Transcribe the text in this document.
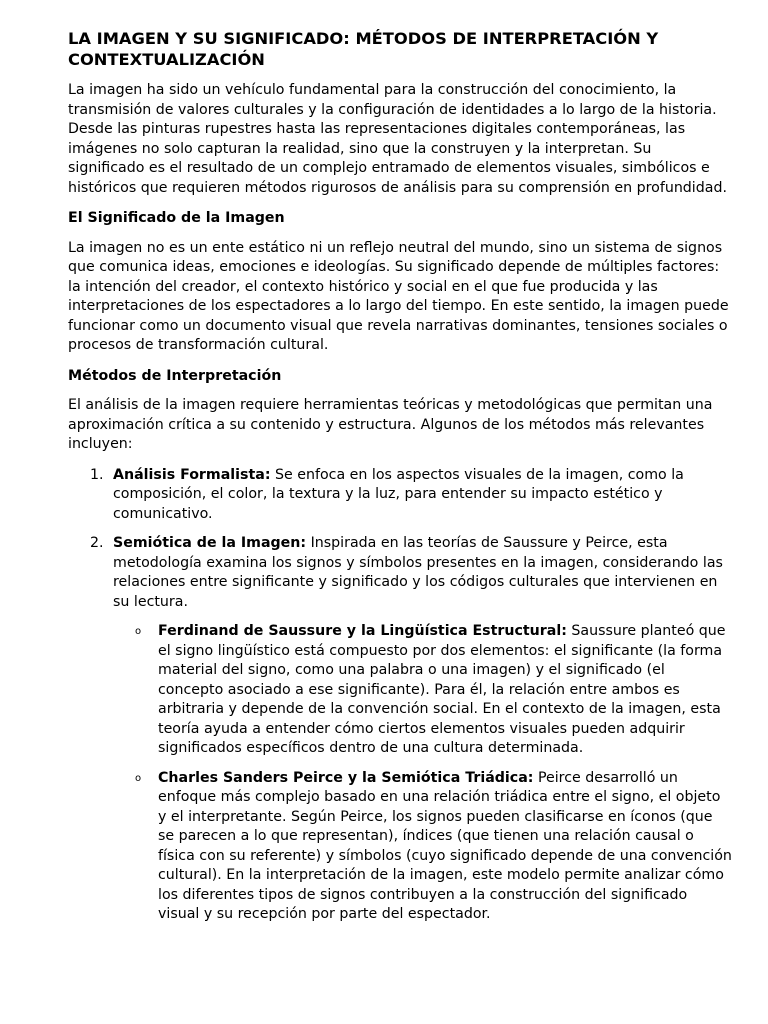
LA IMAGEN Y SU SIGNIFICADO: MÉTODOS DE INTERPRETACIÓN Y CONTEXTUALIZACIÓN

La imagen ha sido un vehículo fundamental para la construcción del conocimiento, la transmisión de valores culturales y la configuración de identidades a lo largo de la historia. Desde las pinturas rupestres hasta las representaciones digitales contemporáneas, las imágenes no solo capturan la realidad, sino que la construyen y la interpretan. Su significado es el resultado de un complejo entramado de elementos visuales, simbólicos e históricos que requieren métodos rigurosos de análisis para su comprensión en profundidad.

El Significado de la Imagen

La imagen no es un ente estático ni un reflejo neutral del mundo, sino un sistema de signos que comunica ideas, emociones e ideologías. Su significado depende de múltiples factores: la intención del creador, el contexto histórico y social en el que fue producida y las interpretaciones de los espectadores a lo largo del tiempo. En este sentido, la imagen puede funcionar como un documento visual que revela narrativas dominantes, tensiones sociales o procesos de transformación cultural.

Métodos de Interpretación

El análisis de la imagen requiere herramientas teóricas y metodológicas que permitan una aproximación crítica a su contenido y estructura. Algunos de los métodos más relevantes incluyen:

1. Análisis Formalista: Se enfoca en los aspectos visuales de la imagen, como la composición, el color, la textura y la luz, para entender su impacto estético y comunicativo.
2. Semiótica de la Imagen: Inspirada en las teorías de Saussure y Peirce, esta metodología examina los signos y símbolos presentes en la imagen, considerando las relaciones entre significante y significado y los códigos culturales que intervienen en su lectura.
o Ferdinand de Saussure y la Lingüística Estructural: Saussure planteó que el signo lingüístico está compuesto por dos elementos: el significante (la forma material del signo, como una palabra o una imagen) y el significado (el concepto asociado a ese significante). Para él, la relación entre ambos es arbitraria y depende de la convención social. En el contexto de la imagen, esta teoría ayuda a entender cómo ciertos elementos visuales pueden adquirir significados específicos dentro de una cultura determinada.
o Charles Sanders Peirce y la Semiótica Triádica: Peirce desarrolló un enfoque más complejo basado en una relación triádica entre el signo, el objeto y el interpretante. Según Peirce, los signos pueden clasificarse en íconos (que se parecen a lo que representan), índices (que tienen una relación causal o física con su referente) y símbolos (cuyo significado depende de una convención cultural). En la interpretación de la imagen, este modelo permite analizar cómo los diferentes tipos de signos contribuyen a la construcción del significado visual y su recepción por parte del espectador.
